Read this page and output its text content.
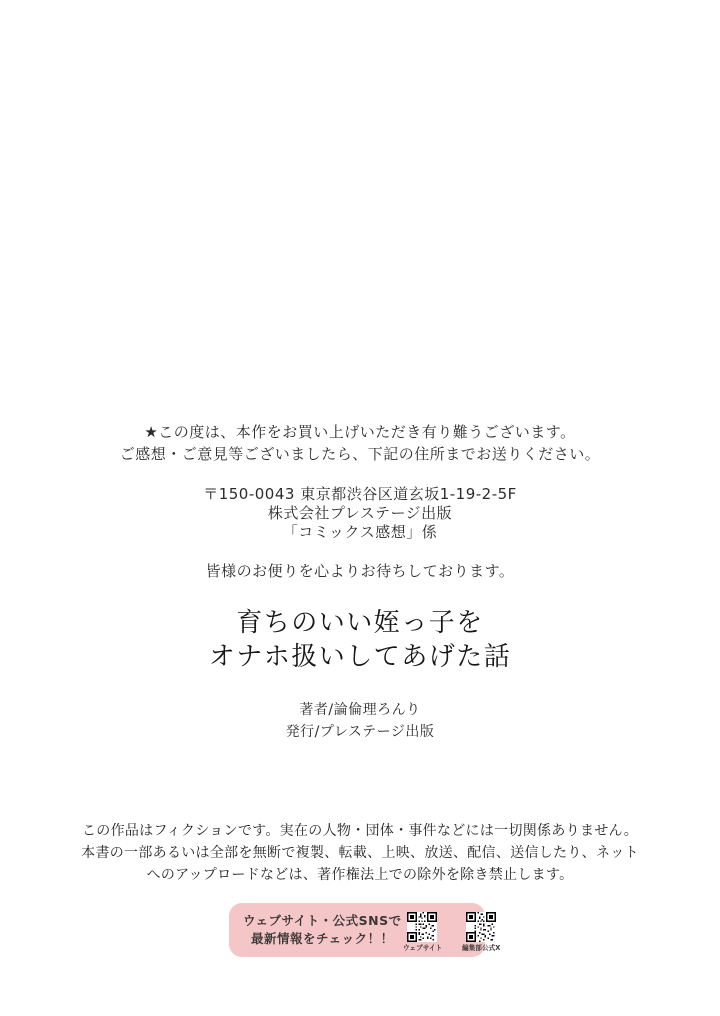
★この度は、本作をお買い上げいただき有り難うございます。
ご感想・ご意見等ございましたら、下記の住所までお送りください。
〒150-0043 東京都渋谷区道玄坂1-19-2-5F
株式会社プレステージ出版
「コミックス感想」係
皆様のお便りを心よりお待ちしております。
育ちのいい姪っ子を
オナホ扱いしてあげた話
著者/論倫理ろんり
発行/プレステージ出版
この作品はフィクションです。実在の人物・団体・事件などには一切関係ありません。
本書の一部あるいは全部を無断で複製、転載、上映、放送、配信、送信したり、ネット
へのアップロードなどは、著作権法上での除外を除き禁止します。
ウェブサイト・公式SNSで
最新情報をチェック！！
ウェブサイト	編集部公式X
